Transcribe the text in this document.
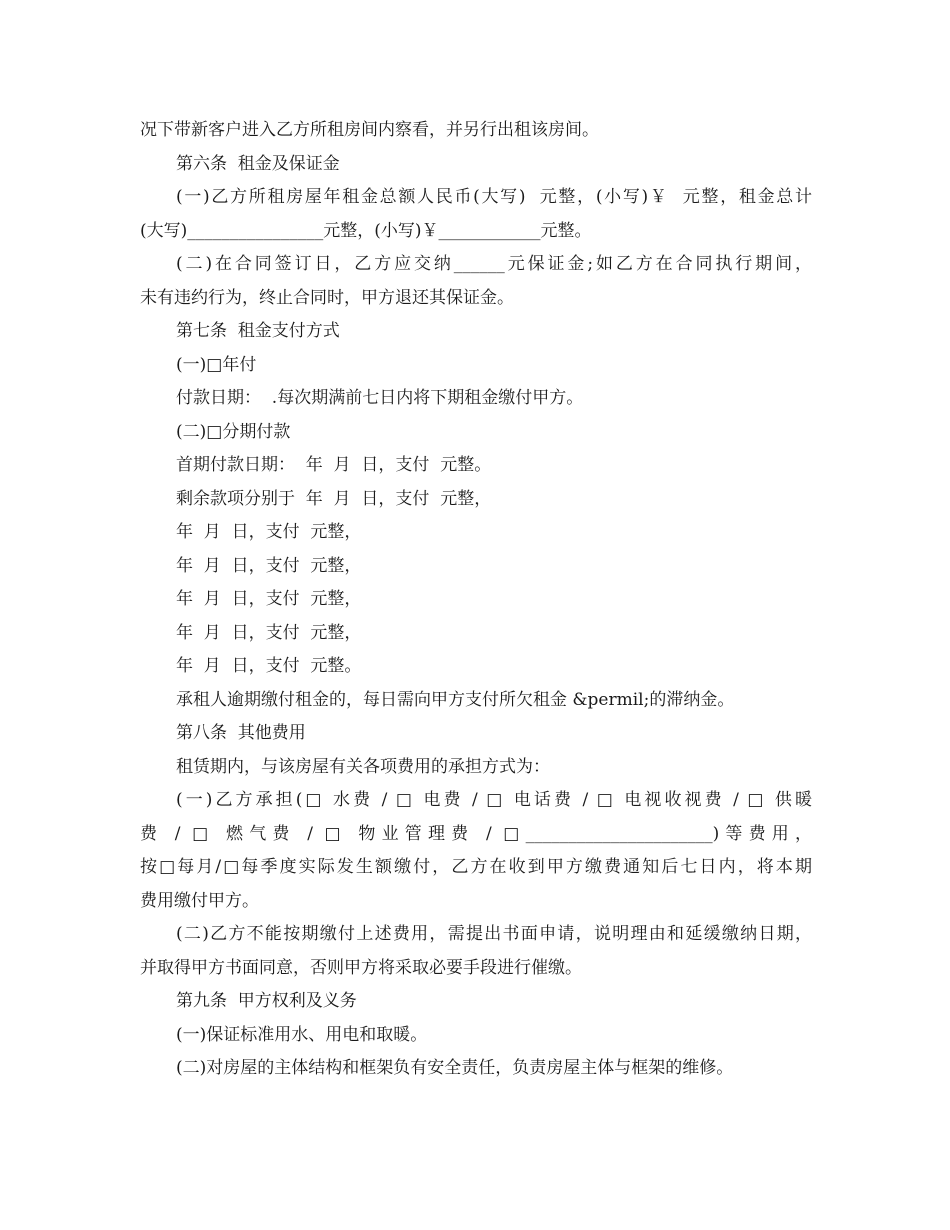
况下带新客户进入乙方所租房间内察看，并另行出租该房间。
第六条  租金及保证金
(一)乙方所租房屋年租金总额人民币(大写)  元整，(小写)￥  元整，租金总计
(大写)________________元整，(小写)￥____________元整。
(二)在合同签订日，乙方应交纳______元保证金;如乙方在合同执行期间，
未有违约行为，终止合同时，甲方退还其保证金。
第七条  租金支付方式
(一)□年付
付款日期：  .每次期满前七日内将下期租金缴付甲方。
(二)□分期付款
首期付款日期：  年  月  日，支付  元整。
剩余款项分别于  年  月  日，支付  元整，
年  月  日，支付  元整，
年  月  日，支付  元整，
年  月  日，支付  元整，
年  月  日，支付  元整，
年  月  日，支付  元整。
承租人逾期缴付租金的，每日需向甲方支付所欠租金 &permil;的滞纳金。
第八条  其他费用
租赁期内，与该房屋有关各项费用的承担方式为：
(一)乙方承担(□ 水费 / □ 电费 / □ 电话费 / □ 电视收视费 / □ 供暖
费 / □ 燃气费 / □ 物业管理费 / □______________________)等费用，
按□每月/□每季度实际发生额缴付，乙方在收到甲方缴费通知后七日内，将本期
费用缴付甲方。
(二)乙方不能按期缴付上述费用，需提出书面申请，说明理由和延缓缴纳日期，
并取得甲方书面同意，否则甲方将采取必要手段进行催缴。
第九条  甲方权利及义务
(一)保证标准用水、用电和取暖。
(二)对房屋的主体结构和框架负有安全责任，负责房屋主体与框架的维修。
